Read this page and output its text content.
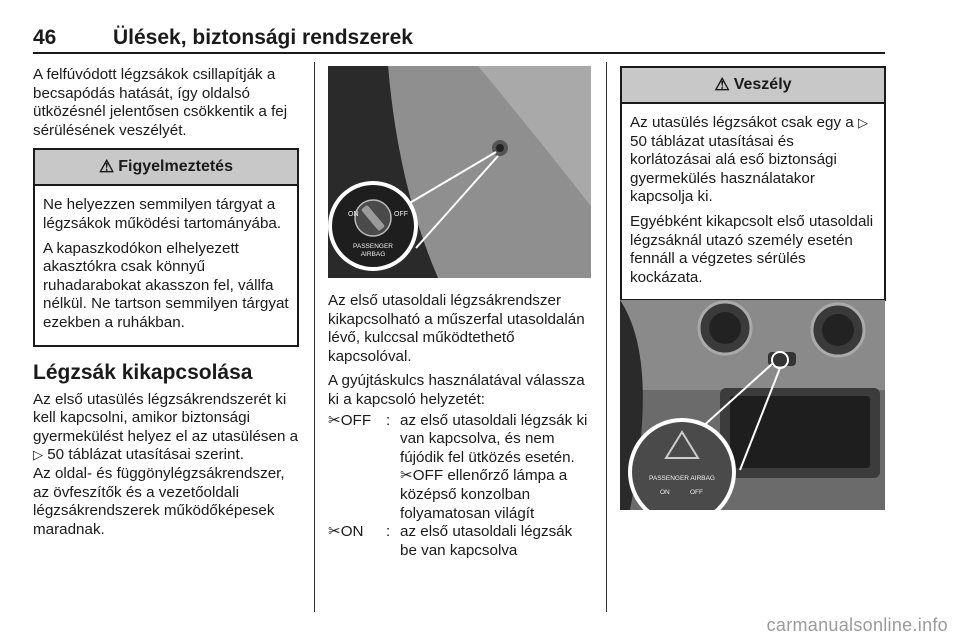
46	Ülések, biztonsági rendszerek

A felfúvódott légzsákok csillapítják a becsapódás hatását, így oldalsó ütközésnél jelentősen csökkentik a fej sérülésének veszélyét.

⚠ Figyelmeztetés

Ne helyezzen semmilyen tárgyat a légzsákok működési tartományába.

A kapaszkodókon elhelyezett akasztókra csak könnyű ruhadarabokat akasszon fel, vállfa nélkül. Ne tartson semmilyen tárgyat ezekben a ruhákban.

Légzsák kikapcsolása

Az első utasülés légzsákrendszerét ki kell kapcsolni, amikor biztonsági gyermekülést helyez el az utasülésen a ▷ 50 táblázat utasításai szerint.

Az oldal- és függönylégzsákrendszer, az övfeszítők és a vezetőoldali légzsákrendszerek működőképesek maradnak.

ON	OFF
PASSENGER
AIRBAG

Az első utasoldali légzsákrendszer kikapcsolható a műszerfal utasoldalán lévő, kulccsal működtethető kapcsolóval.

A gyújtáskulcs használatával válassza ki a kapcsoló helyzetét:

✂OFF : az első utasoldali légzsák ki van kapcsolva, és nem fújódik fel ütközés esetén.
✂OFF ellenőrző lámpa a középső konzolban folyamatosan világít
✂ON	: az első utasoldali légzsák be van kapcsolva
⚠ Veszély

Az utasülés légzsákot csak egy a ▷ 50 táblázat utasításai és korlátozásai alá eső biztonsági gyermekülés használatakor kapcsolja ki.

Egyébként kikapcsolt első utasoldali légzsáknál utazó személy esetén fennáll a végzetes sérülés kockázata.

PASSENGER AIRBAG
ON	OFF
carmanualsonline.info
